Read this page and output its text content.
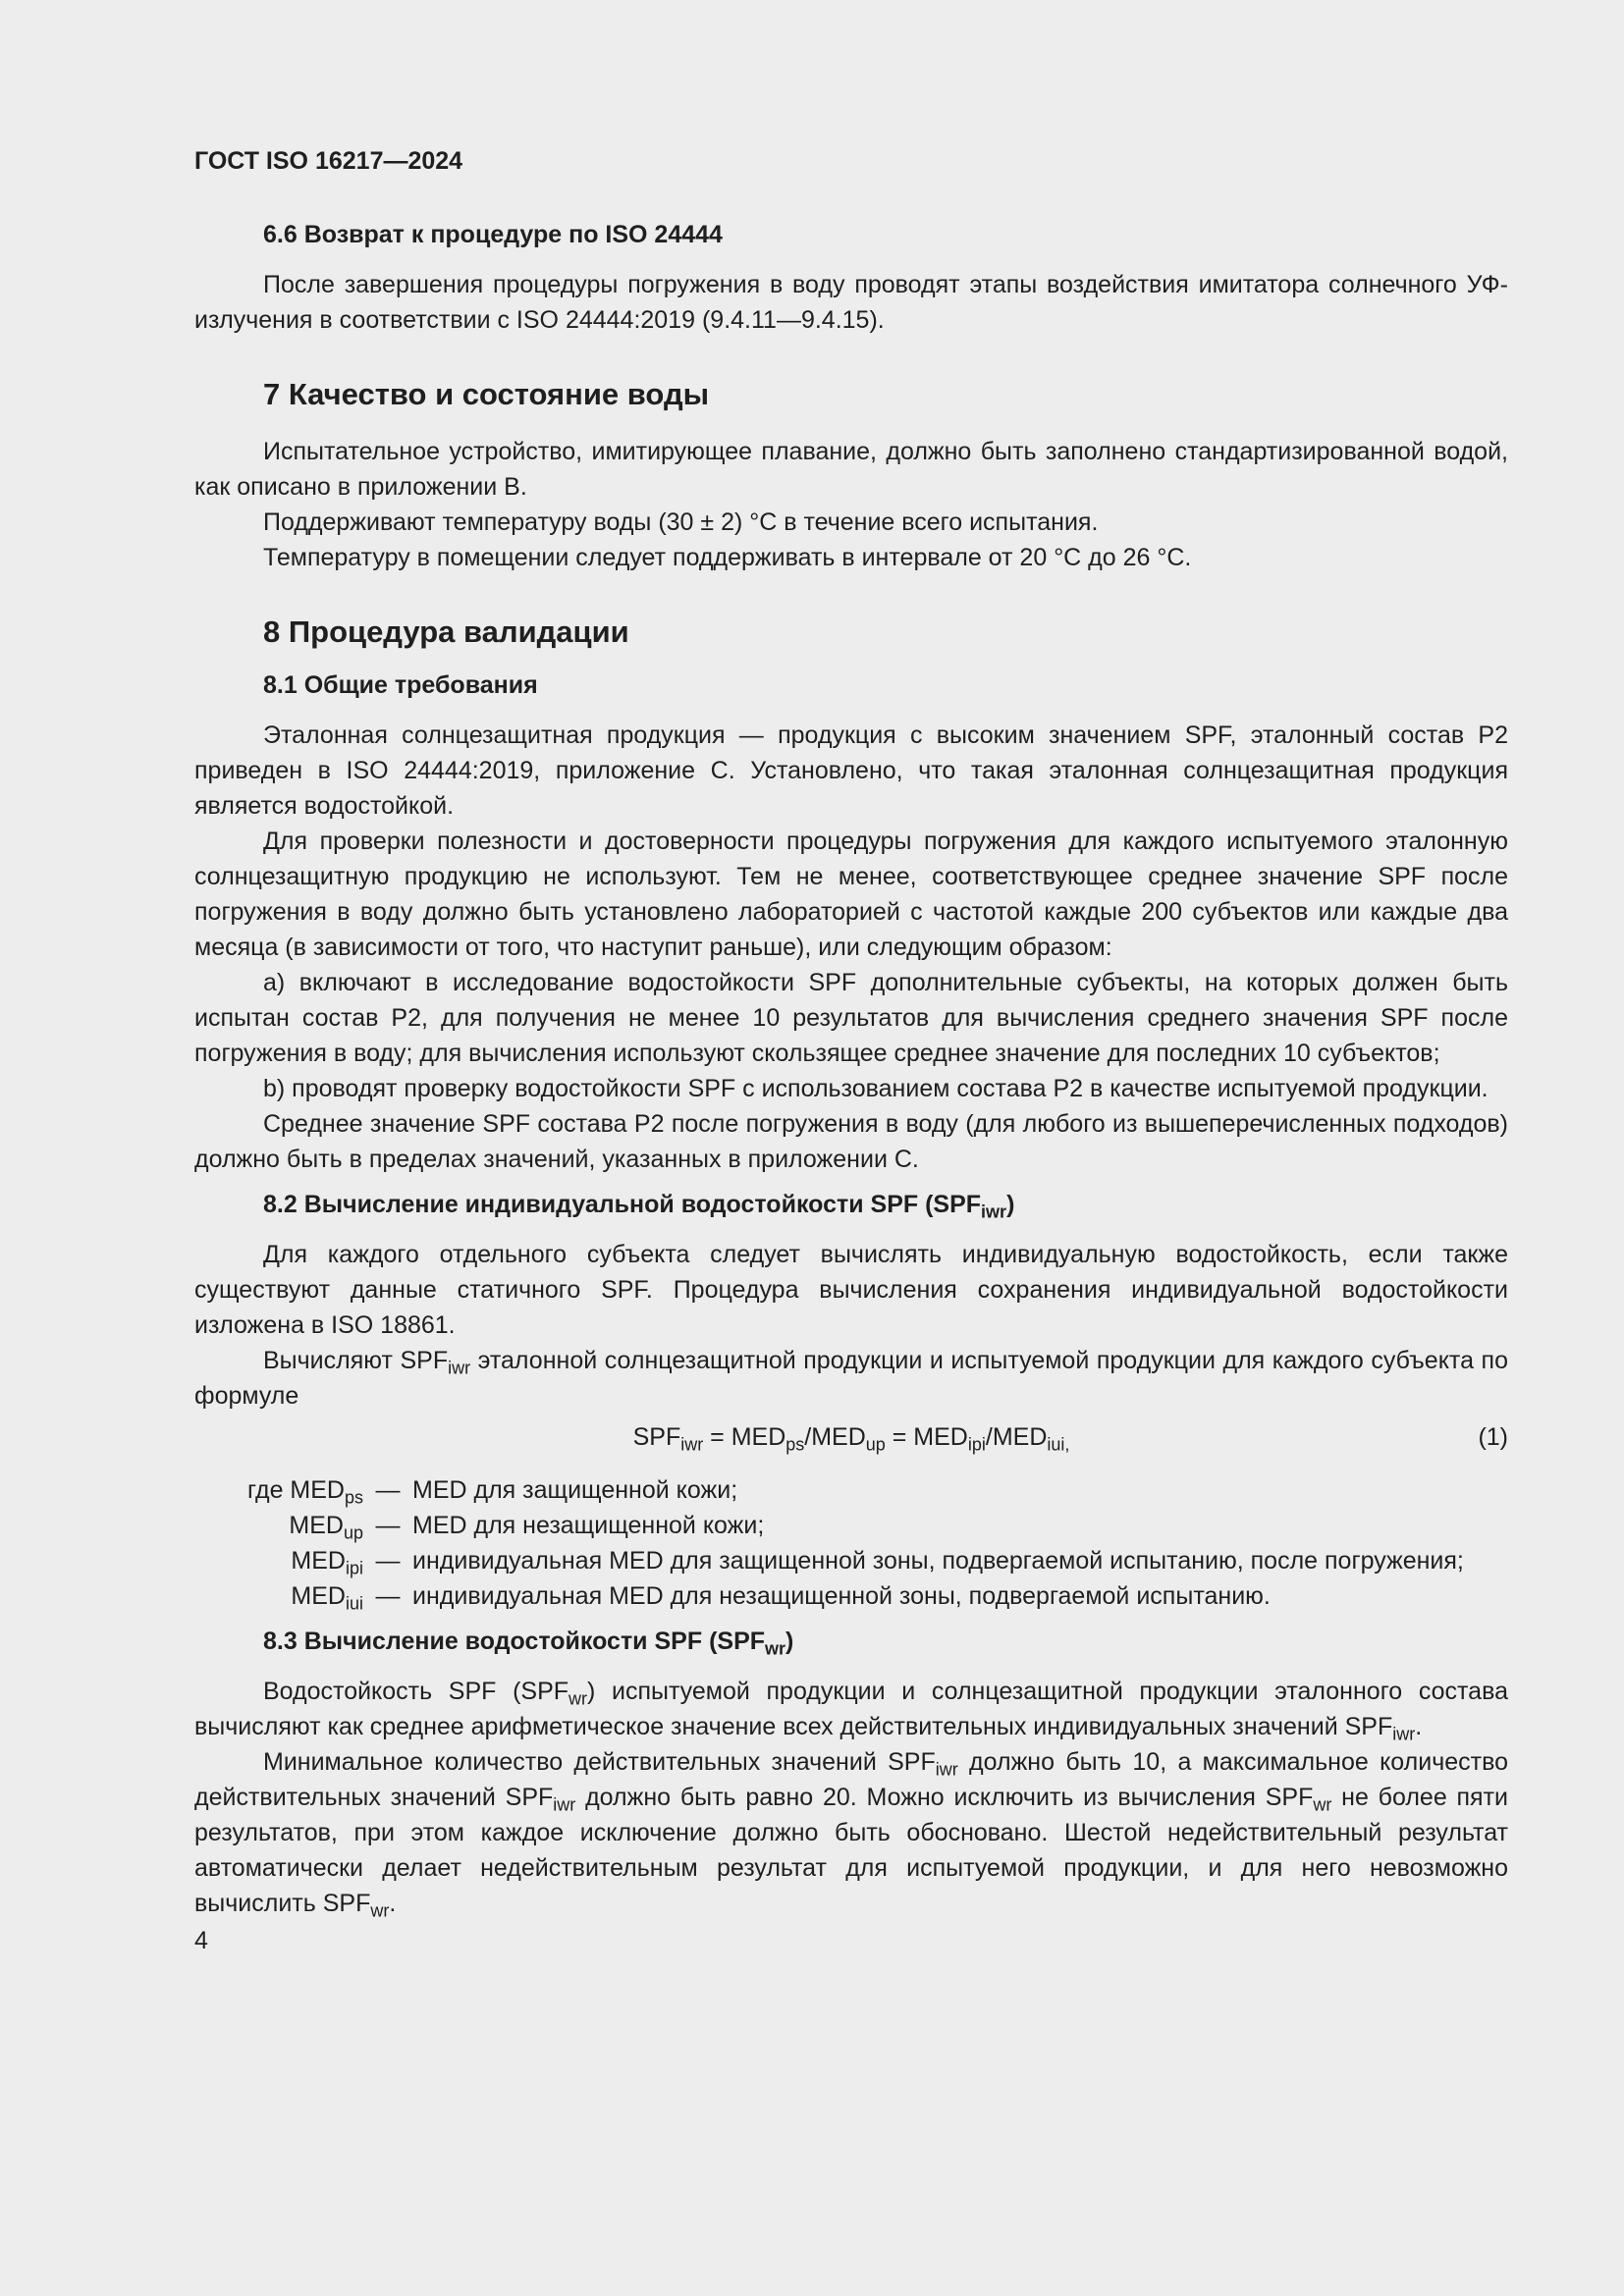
ГОСТ ISO 16217—2024
6.6 Возврат к процедуре по ISO 24444

После завершения процедуры погружения в воду проводят этапы воздействия имитатора солнечного УФ-излучения в соответствии с ISO 24444:2019 (9.4.11—9.4.15).

7 Качество и состояние воды

Испытательное устройство, имитирующее плавание, должно быть заполнено стандартизированной водой, как описано в приложении В.

Поддерживают температуру воды (30 ± 2) °С в течение всего испытания.

Температуру в помещении следует поддерживать в интервале от 20 °С до 26 °С.

8 Процедура валидации
8.1 Общие требования

Эталонная солнцезащитная продукция — продукция с высоким значением SPF, эталонный состав Р2 приведен в ISO 24444:2019, приложение С. Установлено, что такая эталонная солнцезащитная продукция является водостойкой.

Для проверки полезности и достоверности процедуры погружения для каждого испытуемого эталонную солнцезащитную продукцию не используют. Тем не менее, соответствующее среднее значение SPF после погружения в воду должно быть установлено лабораторией с частотой каждые 200 субъектов или каждые два месяца (в зависимости от того, что наступит раньше), или следующим образом:

a) включают в исследование водостойкости SPF дополнительные субъекты, на которых должен быть испытан состав Р2, для получения не менее 10 результатов для вычисления среднего значения SPF после погружения в воду; для вычисления используют скользящее среднее значение для последних 10 субъектов;

b) проводят проверку водостойкости SPF с использованием состава Р2 в качестве испытуемой продукции.

Среднее значение SPF состава Р2 после погружения в воду (для любого из вышеперечисленных подходов) должно быть в пределах значений, указанных в приложении С.

8.2 Вычисление индивидуальной водостойкости SPF $(SPF_{iwr})$

Для каждого отдельного субъекта следует вычислять индивидуальную водостойкость, если также существуют данные статичного SPF. Процедура вычисления сохранения индивидуальной водостойкости изложена в ISO 18861.

Вычисляют $SPF_{iwr}$ эталонной солнцезащитной продукции и испытуемой продукции для каждого субъекта по формуле

$SPF_{iwr} = MED_{ps}/MED_{up} = MED_{ipi}/MED_{iui,}$	(1)
где $MED_{ps}$ — MED для защищенной кожи;
$MED_{up}$ — MED для незащищенной кожи;
$MED_{ipi}$ — индивидуальная MED для защищенной зоны, подвергаемой испытанию, после погружения;
$MED_{iui}$ — индивидуальная MED для незащищенной зоны, подвергаемой испытанию.
8.3 Вычисление водостойкости SPF $(SPF_{wr})$

Водостойкость SPF $(SPF_{wr})$ испытуемой продукции и солнцезащитной продукции эталонного состава вычисляют как среднее арифметическое значение всех действительных индивидуальных значений $SPF_{iwr}$.

Минимальное количество действительных значений $SPF_{iwr}$ должно быть 10, а максимальное количество действительных значений $SPF_{iwr}$ должно быть равно 20. Можно исключить из вычисления $SPF_{wr}$ не более пяти результатов, при этом каждое исключение должно быть обосновано. Шестой недействительный результат автоматически делает недействительным результат для испытуемой продукции, и для него невозможно вычислить $SPF_{wr}$.

4
